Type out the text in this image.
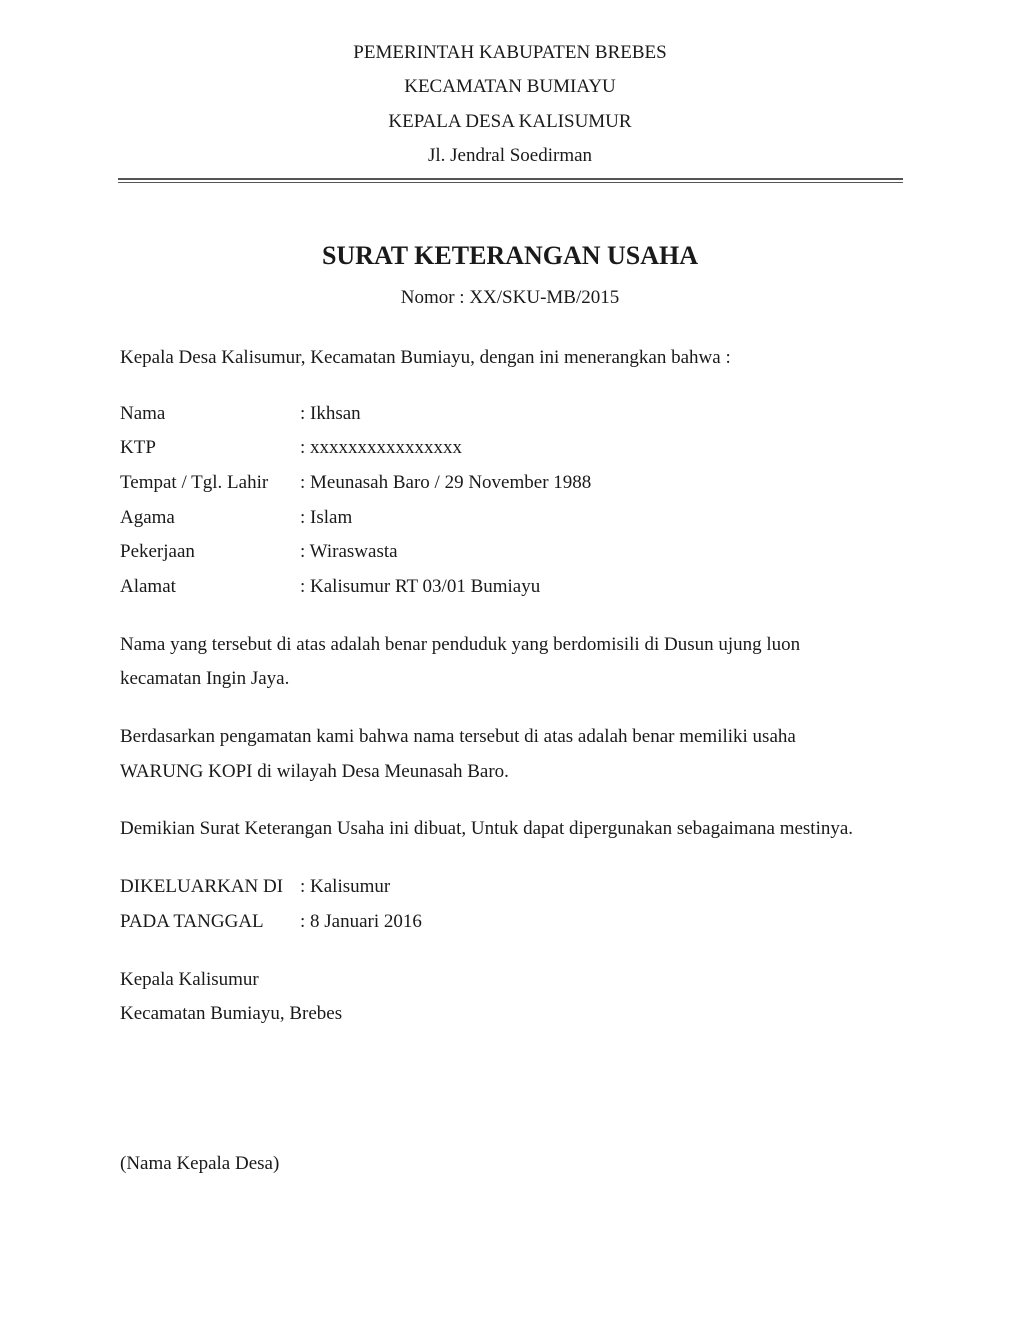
PEMERINTAH KABUPATEN BREBES
KECAMATAN BUMIAYU
KEPALA DESA KALISUMUR
Jl. Jendral Soedirman
SURAT KETERANGAN USAHA
Nomor : XX/SKU-MB/2015
Kepala Desa Kalisumur, Kecamatan Bumiayu, dengan ini menerangkan bahwa :
Nama	: Ikhsan
KTP	: xxxxxxxxxxxxxxxx
Tempat / Tgl. Lahir : Meunasah Baro / 29 November 1988
Agama	: Islam
Pekerjaan	: Wiraswasta
Alamat	: Kalisumur RT 03/01 Bumiayu
Nama yang tersebut di atas adalah benar penduduk yang berdomisili di Dusun ujung luon
kecamatan Ingin Jaya.
Berdasarkan pengamatan kami bahwa nama tersebut di atas adalah benar memiliki usaha
WARUNG KOPI di wilayah Desa Meunasah Baro.
Demikian Surat Keterangan Usaha ini dibuat, Untuk dapat dipergunakan sebagaimana mestinya.
DIKELUARKAN DI : Kalisumur
PADA TANGGAL : 8 Januari 2016
Kepala Kalisumur
Kecamatan Bumiayu, Brebes
(Nama Kepala Desa)
